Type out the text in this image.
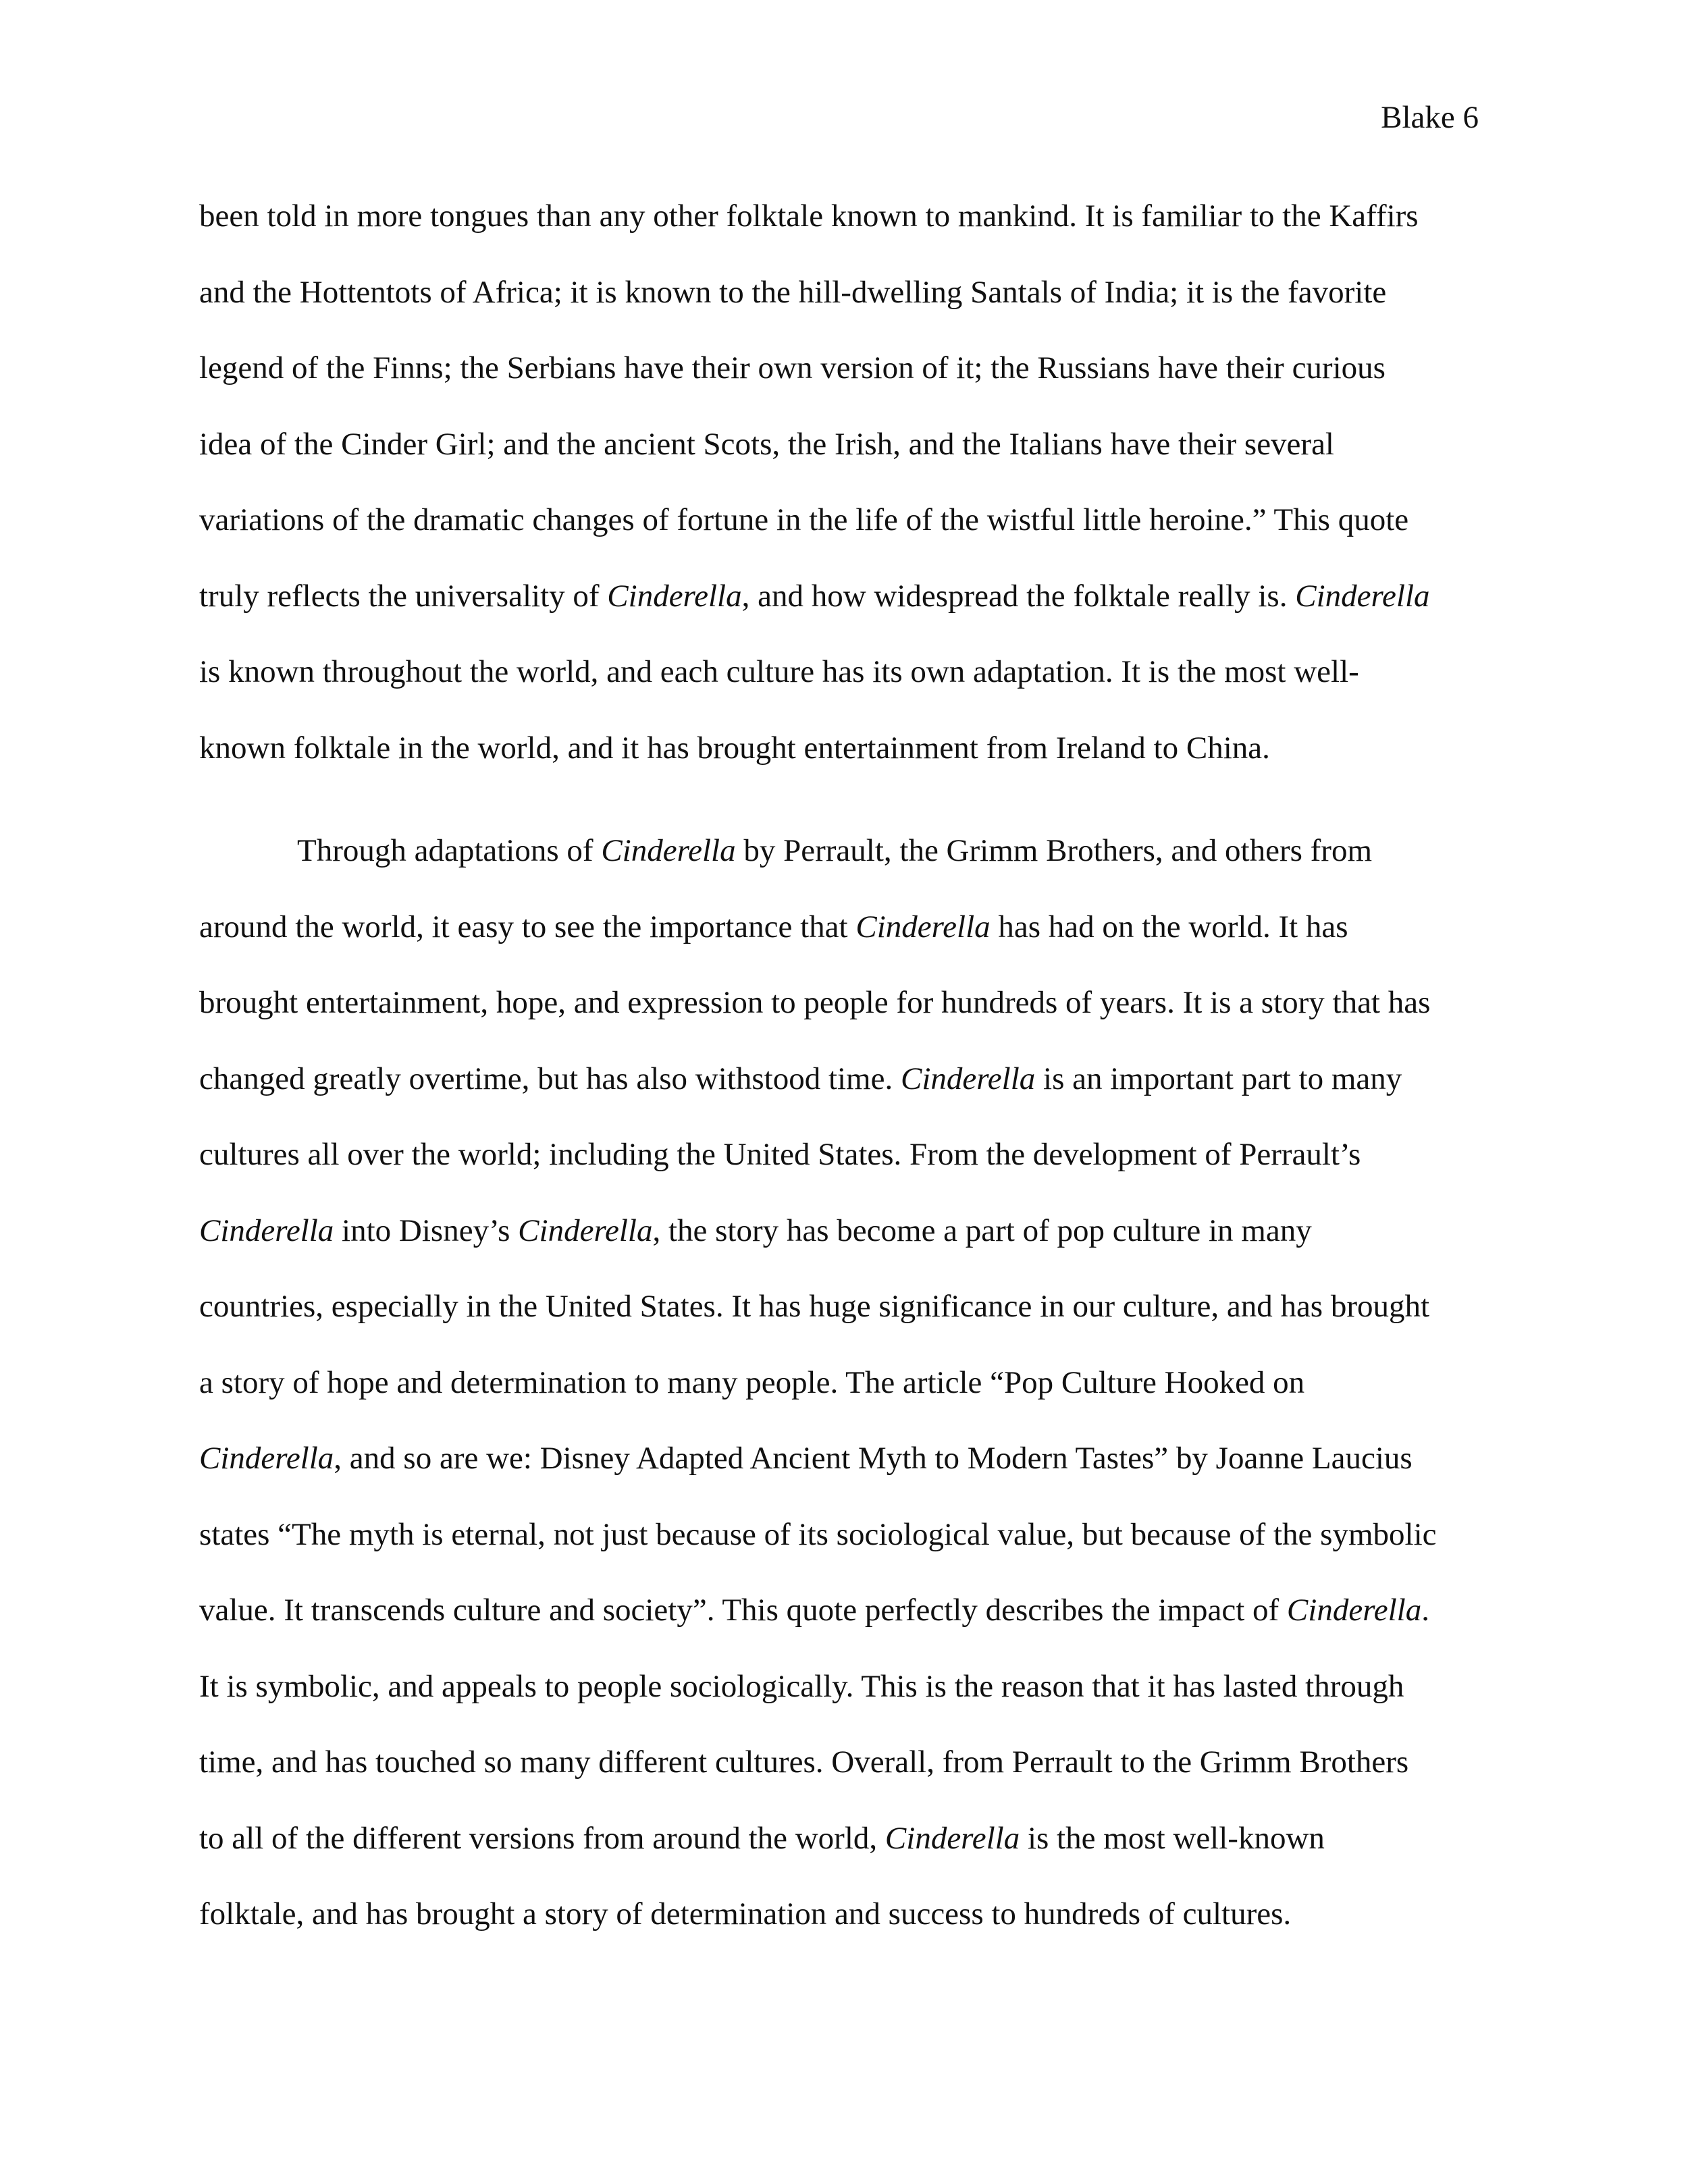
Blake 6
been told in more tongues than any other folktale known to mankind. It is familiar to the Kaffirs
and the Hottentots of Africa; it is known to the hill-dwelling Santals of India; it is the favorite
legend of the Finns; the Serbians have their own version of it; the Russians have their curious
idea of the Cinder Girl; and the ancient Scots, the Irish, and the Italians have their several
variations of the dramatic changes of fortune in the life of the wistful little heroine.” This quote
truly reflects the universality of Cinderella, and how widespread the folktale really is. Cinderella
is known throughout the world, and each culture has its own adaptation. It is the most well-
known folktale in the world, and it has brought entertainment from Ireland to China.
Through adaptations of Cinderella by Perrault, the Grimm Brothers, and others from
around the world, it easy to see the importance that Cinderella has had on the world. It has
brought entertainment, hope, and expression to people for hundreds of years. It is a story that has
changed greatly overtime, but has also withstood time. Cinderella is an important part to many
cultures all over the world; including the United States. From the development of Perrault’s
Cinderella into Disney’s Cinderella, the story has become a part of pop culture in many
countries, especially in the United States. It has huge significance in our culture, and has brought
a story of hope and determination to many people. The article “Pop Culture Hooked on
Cinderella, and so are we: Disney Adapted Ancient Myth to Modern Tastes” by Joanne Laucius
states “The myth is eternal, not just because of its sociological value, but because of the symbolic
value. It transcends culture and society”. This quote perfectly describes the impact of Cinderella.
It is symbolic, and appeals to people sociologically. This is the reason that it has lasted through
time, and has touched so many different cultures. Overall, from Perrault to the Grimm Brothers
to all of the different versions from around the world, Cinderella is the most well-known
folktale, and has brought a story of determination and success to hundreds of cultures.
